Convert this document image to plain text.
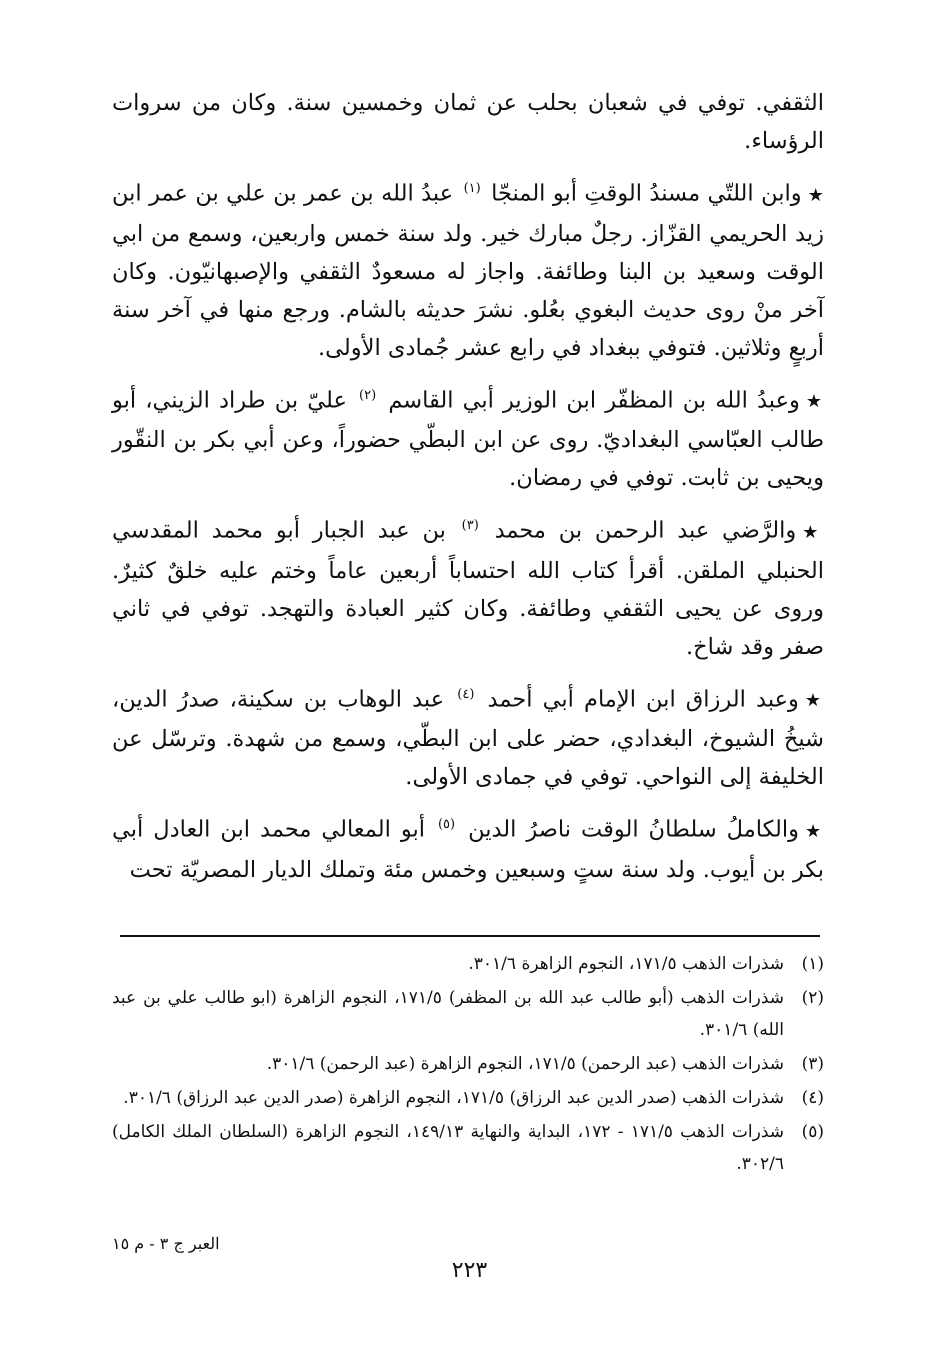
الثقفي. توفي في شعبان بحلب عن ثمان وخمسين سنة. وكان من سروات الرؤساء.

★وابن اللتّي مسندُ الوقتِ أبو المنجّا $^{(١)}$ عبدُ الله بن عمر بن علي بن عمر ابن زيد الحريمي القزّاز. رجلٌ مبارك خير. ولد سنة خمس واربعين، وسمع من ابي الوقت وسعيد بن البنا وطائفة. واجاز له مسعودٌ الثقفي والإصبهانيّون. وكان آخر منْ روى حديث البغوي بعُلو. نشرَ حديثه بالشام. ورجع منها في آخر سنة أربعٍ وثلاثين. فتوفي ببغداد في رابع عشر جُمادى الأولى.

★وعبدُ الله بن المظفّر ابن الوزير أبي القاسم $^{(٢)}$ عليّ بن طراد الزيني، أبو طالب العبّاسي البغداديّ. روى عن ابن البطّي حضوراً، وعن أبي بكر بن النقّور ويحيى بن ثابت. توفي في رمضان.

★والرَّضي عبد الرحمن بن محمد $^{(٣)}$ بن عبد الجبار أبو محمد المقدسي الحنبلي الملقن. أقرأ كتاب الله احتساباً أربعين عاماً وختم عليه خلقٌ كثيرٌ. وروى عن يحيى الثقفي وطائفة. وكان كثير العبادة والتهجد. توفي في ثاني صفر وقد شاخ.

★وعبد الرزاق ابن الإمام أبي أحمد $^{(٤)}$ عبد الوهاب بن سكينة، صدرُ الدين، شيخُ الشيوخ، البغدادي، حضر على ابن البطّي، وسمع من شهدة. وترسّل عن الخليفة إلى النواحي. توفي في جمادى الأولى.

★والكاملُ سلطانُ الوقت ناصرُ الدين $^{(٥)}$ أبو المعالي محمد ابن العادل أبي بكر بن أيوب. ولد سنة ستٍ وسبعين وخمس مئة وتملك الديار المصريّة تحت

(١)
شذرات الذهب ١٧١/٥، النجوم الزاهرة ٣٠١/٦.
(٢)
شذرات الذهب (أبو طالب عبد الله بن المظفر) ١٧١/٥، النجوم الزاهرة (ابو طالب علي بن عبد الله) ٣٠١/٦.
(٣)
شذرات الذهب (عبد الرحمن) ١٧١/٥، النجوم الزاهرة (عبد الرحمن) ٣٠١/٦.
(٤)
شذرات الذهب (صدر الدين عبد الرزاق) ١٧١/٥، النجوم الزاهرة (صدر الدين عبد الرزاق) ٣٠١/٦.
(٥)
شذرات الذهب ١٧١/٥ - ١٧٢، البداية والنهاية ١٤٩/١٣، النجوم الزاهرة (السلطان الملك الكامل) ٣٠٢/٦.
العبر ج ٣ - م ١٥
٢٢٣
